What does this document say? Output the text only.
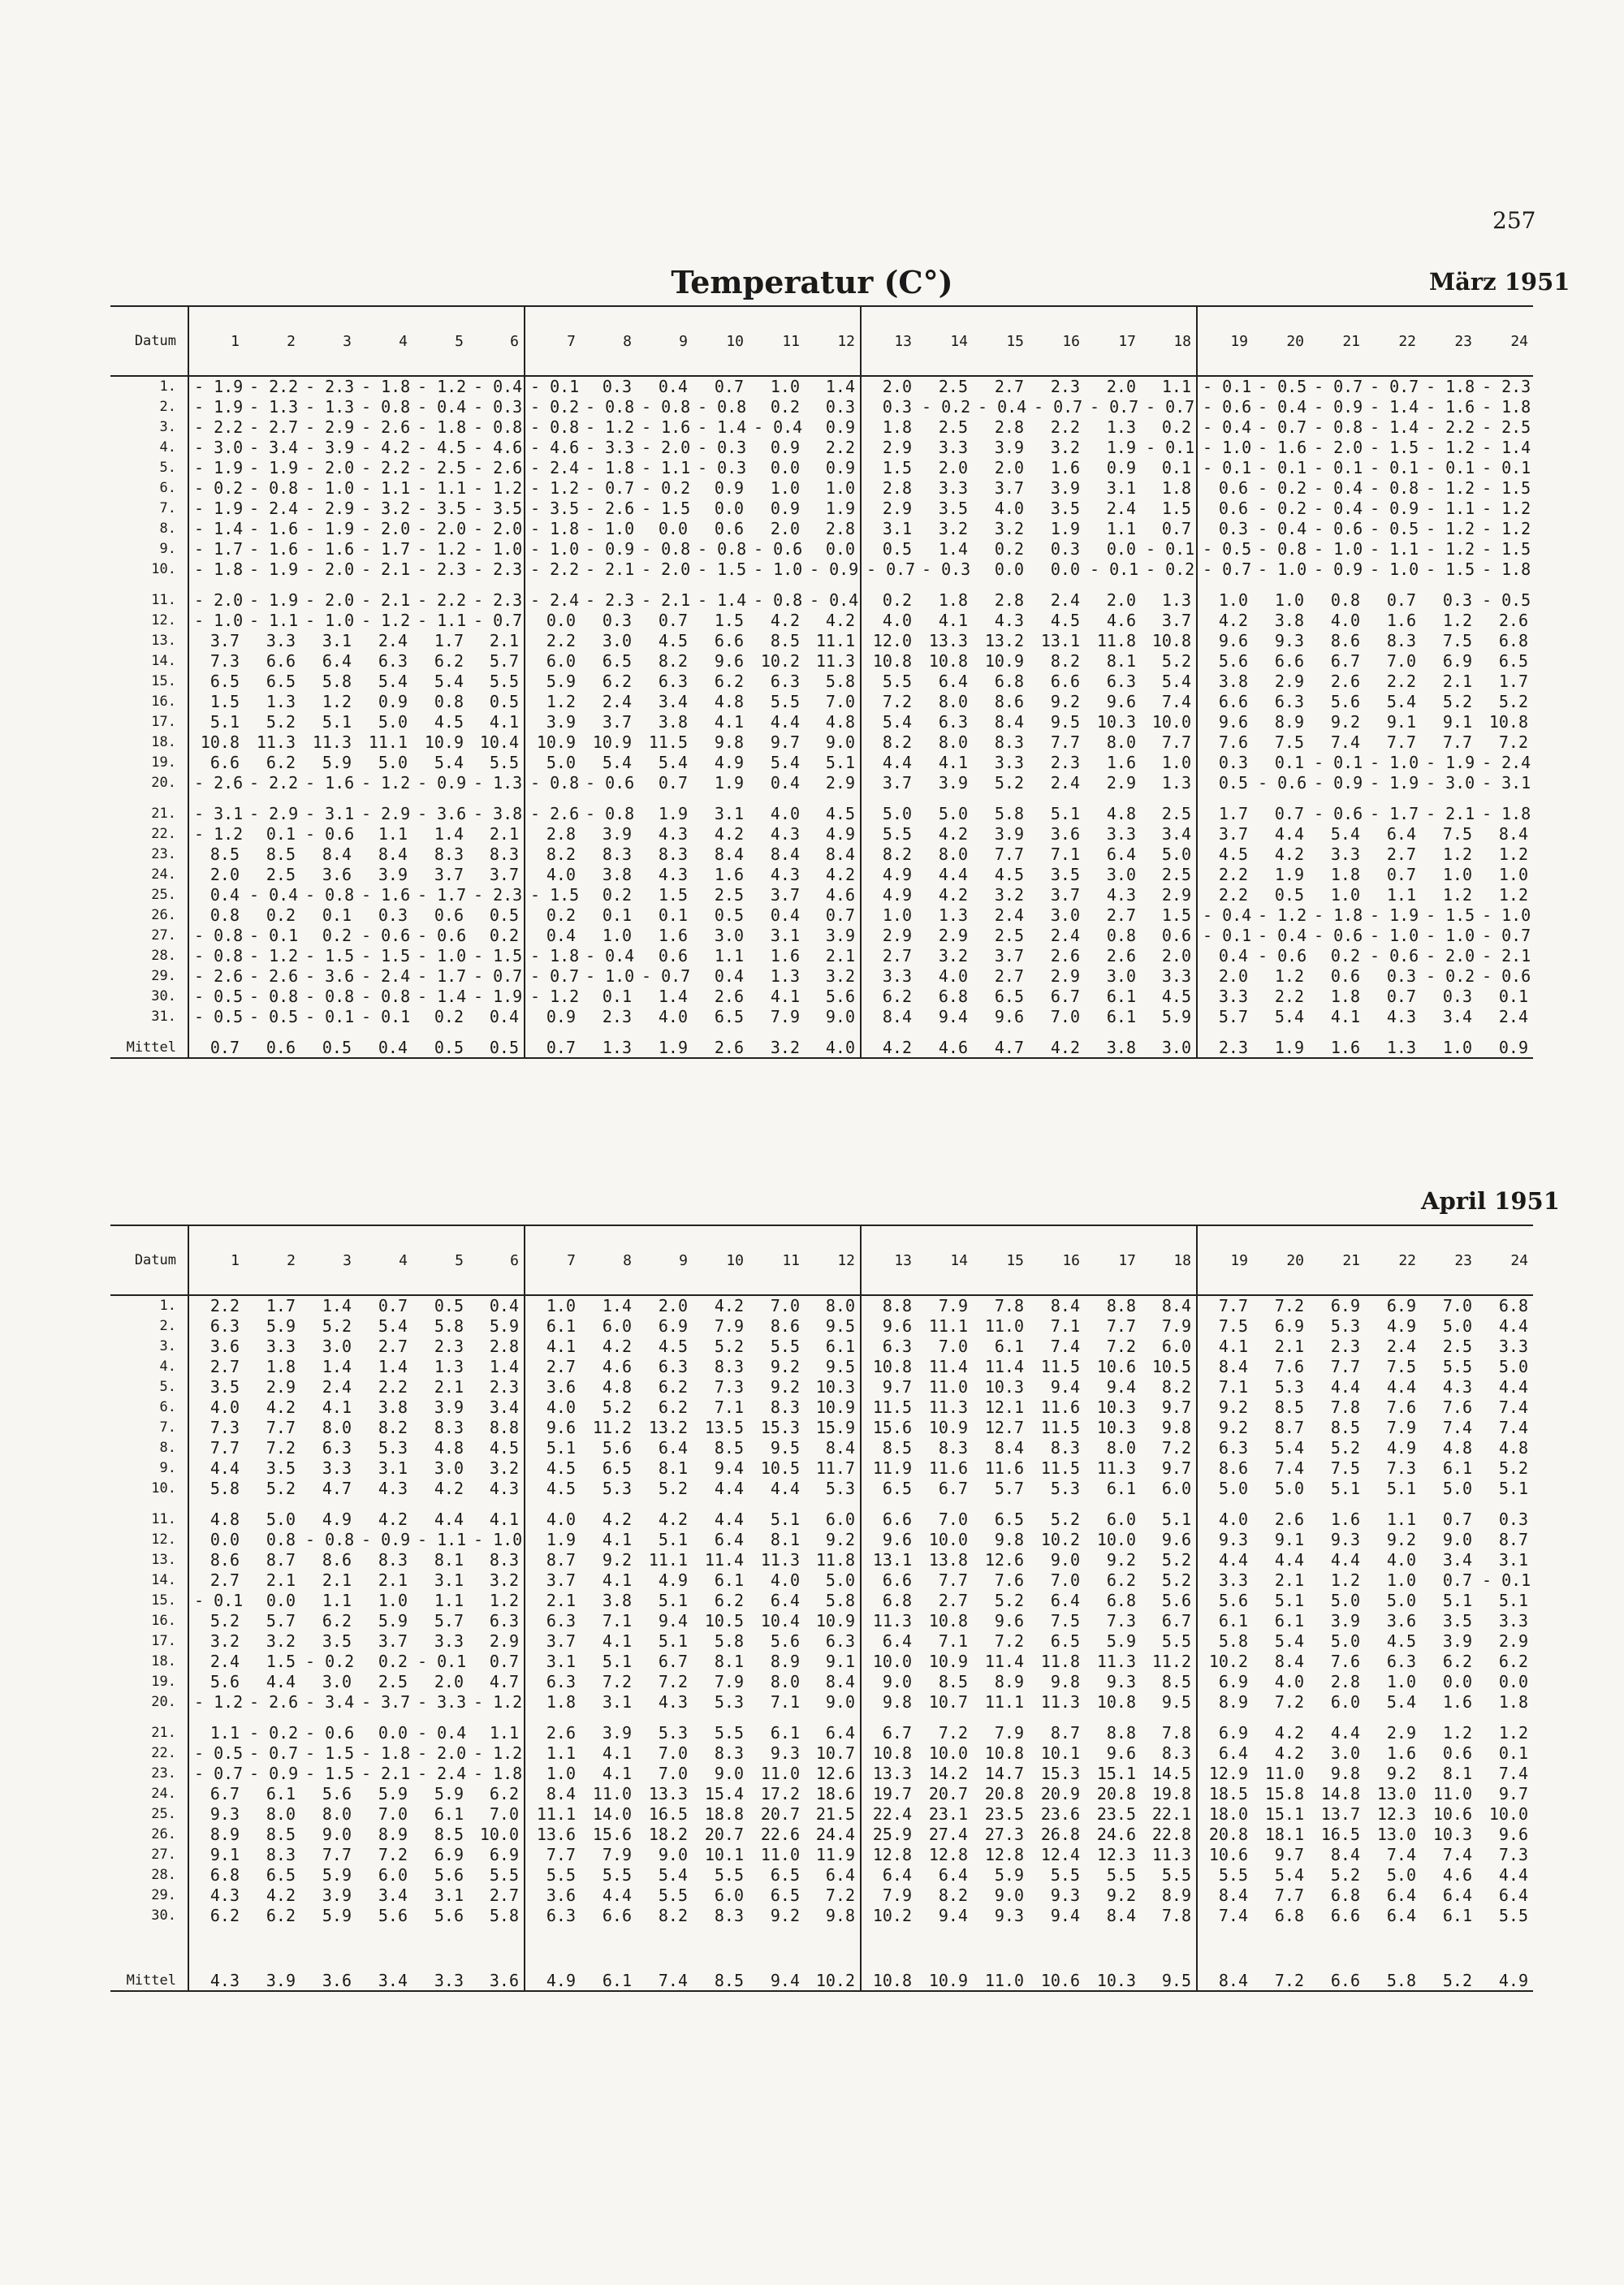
257
Temperatur (C°)	März 1951
Datum	1	2	3	4	5	6	7	8	9	10	11	12	13	14	15	16	17	18	19	20	21	22	23	24
1.	- 1.9	- 2.2	- 2.3	- 1.8	- 1.2	- 0.4	- 0.1	0.3	0.4	0.7	1.0	1.4	2.0	2.5	2.7	2.3	2.0	1.1	- 0.1	- 0.5	- 0.7	- 0.7	- 1.8	- 2.3
2.	- 1.9	- 1.3	- 1.3	- 0.8	- 0.4	- 0.3	- 0.2	- 0.8	- 0.8	- 0.8	0.2	0.3	0.3	- 0.2	- 0.4	- 0.7	- 0.7	- 0.7	- 0.6	- 0.4	- 0.9	- 1.4	- 1.6	- 1.8
3.	- 2.2	- 2.7	- 2.9	- 2.6	- 1.8	- 0.8	- 0.8	- 1.2	- 1.6	- 1.4	- 0.4	0.9	1.8	2.5	2.8	2.2	1.3	0.2	- 0.4	- 0.7	- 0.8	- 1.4	- 2.2	- 2.5
4.	- 3.0	- 3.4	- 3.9	- 4.2	- 4.5	- 4.6	- 4.6	- 3.3	- 2.0	- 0.3	0.9	2.2	2.9	3.3	3.9	3.2	1.9	- 0.1	- 1.0	- 1.6	- 2.0	- 1.5	- 1.2	- 1.4
5.	- 1.9	- 1.9	- 2.0	- 2.2	- 2.5	- 2.6	- 2.4	- 1.8	- 1.1	- 0.3	0.0	0.9	1.5	2.0	2.0	1.6	0.9	0.1	- 0.1	- 0.1	- 0.1	- 0.1	- 0.1	- 0.1
6.	- 0.2	- 0.8	- 1.0	- 1.1	- 1.1	- 1.2	- 1.2	- 0.7	- 0.2	0.9	1.0	1.0	2.8	3.3	3.7	3.9	3.1	1.8	0.6	- 0.2	- 0.4	- 0.8	- 1.2	- 1.5
7.	- 1.9	- 2.4	- 2.9	- 3.2	- 3.5	- 3.5	- 3.5	- 2.6	- 1.5	0.0	0.9	1.9	2.9	3.5	4.0	3.5	2.4	1.5	0.6	- 0.2	- 0.4	- 0.9	- 1.1	- 1.2
8.	- 1.4	- 1.6	- 1.9	- 2.0	- 2.0	- 2.0	- 1.8	- 1.0	0.0	0.6	2.0	2.8	3.1	3.2	3.2	1.9	1.1	0.7	0.3	- 0.4	- 0.6	- 0.5	- 1.2	- 1.2
9.	- 1.7	- 1.6	- 1.6	- 1.7	- 1.2	- 1.0	- 1.0	- 0.9	- 0.8	- 0.8	- 0.6	0.0	0.5	1.4	0.2	0.3	0.0	- 0.1	- 0.5	- 0.8	- 1.0	- 1.1	- 1.2	- 1.5
10.	- 1.8	- 1.9	- 2.0	- 2.1	- 2.3	- 2.3	- 2.2	- 2.1	- 2.0	- 1.5	- 1.0	- 0.9	- 0.7	- 0.3	0.0	0.0	- 0.1	- 0.2	- 0.7	- 1.0	- 0.9	- 1.0	- 1.5	- 1.8
11.	- 2.0	- 1.9	- 2.0	- 2.1	- 2.2	- 2.3	- 2.4	- 2.3	- 2.1	- 1.4	- 0.8	- 0.4	0.2	1.8	2.8	2.4	2.0	1.3	1.0	1.0	0.8	0.7	0.3	- 0.5
12.	- 1.0	- 1.1	- 1.0	- 1.2	- 1.1	- 0.7	0.0	0.3	0.7	1.5	4.2	4.2	4.0	4.1	4.3	4.5	4.6	3.7	4.2	3.8	4.0	1.6	1.2	2.6
13.	3.7	3.3	3.1	2.4	1.7	2.1	2.2	3.0	4.5	6.6	8.5	11.1	12.0	13.3	13.2	13.1	11.8	10.8	9.6	9.3	8.6	8.3	7.5	6.8
14.	7.3	6.6	6.4	6.3	6.2	5.7	6.0	6.5	8.2	9.6	10.2	11.3	10.8	10.8	10.9	8.2	8.1	5.2	5.6	6.6	6.7	7.0	6.9	6.5
15.	6.5	6.5	5.8	5.4	5.4	5.5	5.9	6.2	6.3	6.2	6.3	5.8	5.5	6.4	6.8	6.6	6.3	5.4	3.8	2.9	2.6	2.2	2.1	1.7
16.	1.5	1.3	1.2	0.9	0.8	0.5	1.2	2.4	3.4	4.8	5.5	7.0	7.2	8.0	8.6	9.2	9.6	7.4	6.6	6.3	5.6	5.4	5.2	5.2
17.	5.1	5.2	5.1	5.0	4.5	4.1	3.9	3.7	3.8	4.1	4.4	4.8	5.4	6.3	8.4	9.5	10.3	10.0	9.6	8.9	9.2	9.1	9.1	10.8
18.	10.8	11.3	11.3	11.1	10.9	10.4	10.9	10.9	11.5	9.8	9.7	9.0	8.2	8.0	8.3	7.7	8.0	7.7	7.6	7.5	7.4	7.7	7.7	7.2
19.	6.6	6.2	5.9	5.0	5.4	5.5	5.0	5.4	5.4	4.9	5.4	5.1	4.4	4.1	3.3	2.3	1.6	1.0	0.3	0.1	- 0.1	- 1.0	- 1.9	- 2.4
20.	- 2.6	- 2.2	- 1.6	- 1.2	- 0.9	- 1.3	- 0.8	- 0.6	0.7	1.9	0.4	2.9	3.7	3.9	5.2	2.4	2.9	1.3	0.5	- 0.6	- 0.9	- 1.9	- 3.0	- 3.1
21.	- 3.1	- 2.9	- 3.1	- 2.9	- 3.6	- 3.8	- 2.6	- 0.8	1.9	3.1	4.0	4.5	5.0	5.0	5.8	5.1	4.8	2.5	1.7	0.7	- 0.6	- 1.7	- 2.1	- 1.8
22.	- 1.2	0.1	- 0.6	1.1	1.4	2.1	2.8	3.9	4.3	4.2	4.3	4.9	5.5	4.2	3.9	3.6	3.3	3.4	3.7	4.4	5.4	6.4	7.5	8.4
23.	8.5	8.5	8.4	8.4	8.3	8.3	8.2	8.3	8.3	8.4	8.4	8.4	8.2	8.0	7.7	7.1	6.4	5.0	4.5	4.2	3.3	2.7	1.2	1.2
24.	2.0	2.5	3.6	3.9	3.7	3.7	4.0	3.8	4.3	1.6	4.3	4.2	4.9	4.4	4.5	3.5	3.0	2.5	2.2	1.9	1.8	0.7	1.0	1.0
25.	0.4	- 0.4	- 0.8	- 1.6	- 1.7	- 2.3	- 1.5	0.2	1.5	2.5	3.7	4.6	4.9	4.2	3.2	3.7	4.3	2.9	2.2	0.5	1.0	1.1	1.2	1.2
26.	0.8	0.2	0.1	0.3	0.6	0.5	0.2	0.1	0.1	0.5	0.4	0.7	1.0	1.3	2.4	3.0	2.7	1.5	- 0.4	- 1.2	- 1.8	- 1.9	- 1.5	- 1.0
27.	- 0.8	- 0.1	0.2	- 0.6	- 0.6	0.2	0.4	1.0	1.6	3.0	3.1	3.9	2.9	2.9	2.5	2.4	0.8	0.6	- 0.1	- 0.4	- 0.6	- 1.0	- 1.0	- 0.7
28.	- 0.8	- 1.2	- 1.5	- 1.5	- 1.0	- 1.5	- 1.8	- 0.4	0.6	1.1	1.6	2.1	2.7	3.2	3.7	2.6	2.6	2.0	0.4	- 0.6	0.2	- 0.6	- 2.0	- 2.1
29.	- 2.6	- 2.6	- 3.6	- 2.4	- 1.7	- 0.7	- 0.7	- 1.0	- 0.7	0.4	1.3	3.2	3.3	4.0	2.7	2.9	3.0	3.3	2.0	1.2	0.6	0.3	- 0.2	- 0.6
30.	- 0.5	- 0.8	- 0.8	- 0.8	- 1.4	- 1.9	- 1.2	0.1	1.4	2.6	4.1	5.6	6.2	6.8	6.5	6.7	6.1	4.5	3.3	2.2	1.8	0.7	0.3	0.1
31.	- 0.5	- 0.5	- 0.1	- 0.1	0.2	0.4	0.9	2.3	4.0	6.5	7.9	9.0	8.4	9.4	9.6	7.0	6.1	5.9	5.7	5.4	4.1	4.3	3.4	2.4
Mittel	0.7	0.6	0.5	0.4	0.5	0.5	0.7	1.3	1.9	2.6	3.2	4.0	4.2	4.6	4.7	4.2	3.8	3.0	2.3	1.9	1.6	1.3	1.0	0.9
April 1951
Datum	1	2	3	4	5	6	7	8	9	10	11	12	13	14	15	16	17	18	19	20	21	22	23	24
1.	2.2	1.7	1.4	0.7	0.5	0.4	1.0	1.4	2.0	4.2	7.0	8.0	8.8	7.9	7.8	8.4	8.8	8.4	7.7	7.2	6.9	6.9	7.0	6.8
2.	6.3	5.9	5.2	5.4	5.8	5.9	6.1	6.0	6.9	7.9	8.6	9.5	9.6	11.1	11.0	7.1	7.7	7.9	7.5	6.9	5.3	4.9	5.0	4.4
3.	3.6	3.3	3.0	2.7	2.3	2.8	4.1	4.2	4.5	5.2	5.5	6.1	6.3	7.0	6.1	7.4	7.2	6.0	4.1	2.1	2.3	2.4	2.5	3.3
4.	2.7	1.8	1.4	1.4	1.3	1.4	2.7	4.6	6.3	8.3	9.2	9.5	10.8	11.4	11.4	11.5	10.6	10.5	8.4	7.6	7.7	7.5	5.5	5.0
5.	3.5	2.9	2.4	2.2	2.1	2.3	3.6	4.8	6.2	7.3	9.2	10.3	9.7	11.0	10.3	9.4	9.4	8.2	7.1	5.3	4.4	4.4	4.3	4.4
6.	4.0	4.2	4.1	3.8	3.9	3.4	4.0	5.2	6.2	7.1	8.3	10.9	11.5	11.3	12.1	11.6	10.3	9.7	9.2	8.5	7.8	7.6	7.6	7.4
7.	7.3	7.7	8.0	8.2	8.3	8.8	9.6	11.2	13.2	13.5	15.3	15.9	15.6	10.9	12.7	11.5	10.3	9.8	9.2	8.7	8.5	7.9	7.4	7.4
8.	7.7	7.2	6.3	5.3	4.8	4.5	5.1	5.6	6.4	8.5	9.5	8.4	8.5	8.3	8.4	8.3	8.0	7.2	6.3	5.4	5.2	4.9	4.8	4.8
9.	4.4	3.5	3.3	3.1	3.0	3.2	4.5	6.5	8.1	9.4	10.5	11.7	11.9	11.6	11.6	11.5	11.3	9.7	8.6	7.4	7.5	7.3	6.1	5.2
10.	5.8	5.2	4.7	4.3	4.2	4.3	4.5	5.3	5.2	4.4	4.4	5.3	6.5	6.7	5.7	5.3	6.1	6.0	5.0	5.0	5.1	5.1	5.0	5.1
11.	4.8	5.0	4.9	4.2	4.4	4.1	4.0	4.2	4.2	4.4	5.1	6.0	6.6	7.0	6.5	5.2	6.0	5.1	4.0	2.6	1.6	1.1	0.7	0.3
12.	0.0	0.8	- 0.8	- 0.9	- 1.1	- 1.0	1.9	4.1	5.1	6.4	8.1	9.2	9.6	10.0	9.8	10.2	10.0	9.6	9.3	9.1	9.3	9.2	9.0	8.7
13.	8.6	8.7	8.6	8.3	8.1	8.3	8.7	9.2	11.1	11.4	11.3	11.8	13.1	13.8	12.6	9.0	9.2	5.2	4.4	4.4	4.4	4.0	3.4	3.1
14.	2.7	2.1	2.1	2.1	3.1	3.2	3.7	4.1	4.9	6.1	4.0	5.0	6.6	7.7	7.6	7.0	6.2	5.2	3.3	2.1	1.2	1.0	0.7	- 0.1
15.	- 0.1	0.0	1.1	1.0	1.1	1.2	2.1	3.8	5.1	6.2	6.4	5.8	6.8	2.7	5.2	6.4	6.8	5.6	5.6	5.1	5.0	5.0	5.1	5.1
16.	5.2	5.7	6.2	5.9	5.7	6.3	6.3	7.1	9.4	10.5	10.4	10.9	11.3	10.8	9.6	7.5	7.3	6.7	6.1	6.1	3.9	3.6	3.5	3.3
17.	3.2	3.2	3.5	3.7	3.3	2.9	3.7	4.1	5.1	5.8	5.6	6.3	6.4	7.1	7.2	6.5	5.9	5.5	5.8	5.4	5.0	4.5	3.9	2.9
18.	2.4	1.5	- 0.2	0.2	- 0.1	0.7	3.1	5.1	6.7	8.1	8.9	9.1	10.0	10.9	11.4	11.8	11.3	11.2	10.2	8.4	7.6	6.3	6.2	6.2
19.	5.6	4.4	3.0	2.5	2.0	4.7	6.3	7.2	7.2	7.9	8.0	8.4	9.0	8.5	8.9	9.8	9.3	8.5	6.9	4.0	2.8	1.0	0.0	0.0
20.	- 1.2	- 2.6	- 3.4	- 3.7	- 3.3	- 1.2	1.8	3.1	4.3	5.3	7.1	9.0	9.8	10.7	11.1	11.3	10.8	9.5	8.9	7.2	6.0	5.4	1.6	1.8
21.	1.1	- 0.2	- 0.6	0.0	- 0.4	1.1	2.6	3.9	5.3	5.5	6.1	6.4	6.7	7.2	7.9	8.7	8.8	7.8	6.9	4.2	4.4	2.9	1.2	1.2
22.	- 0.5	- 0.7	- 1.5	- 1.8	- 2.0	- 1.2	1.1	4.1	7.0	8.3	9.3	10.7	10.8	10.0	10.8	10.1	9.6	8.3	6.4	4.2	3.0	1.6	0.6	0.1
23.	- 0.7	- 0.9	- 1.5	- 2.1	- 2.4	- 1.8	1.0	4.1	7.0	9.0	11.0	12.6	13.3	14.2	14.7	15.3	15.1	14.5	12.9	11.0	9.8	9.2	8.1	7.4
24.	6.7	6.1	5.6	5.9	5.9	6.2	8.4	11.0	13.3	15.4	17.2	18.6	19.7	20.7	20.8	20.9	20.8	19.8	18.5	15.8	14.8	13.0	11.0	9.7
25.	9.3	8.0	8.0	7.0	6.1	7.0	11.1	14.0	16.5	18.8	20.7	21.5	22.4	23.1	23.5	23.6	23.5	22.1	18.0	15.1	13.7	12.3	10.6	10.0
26.	8.9	8.5	9.0	8.9	8.5	10.0	13.6	15.6	18.2	20.7	22.6	24.4	25.9	27.4	27.3	26.8	24.6	22.8	20.8	18.1	16.5	13.0	10.3	9.6
27.	9.1	8.3	7.7	7.2	6.9	6.9	7.7	7.9	9.0	10.1	11.0	11.9	12.8	12.8	12.8	12.4	12.3	11.3	10.6	9.7	8.4	7.4	7.4	7.3
28.	6.8	6.5	5.9	6.0	5.6	5.5	5.5	5.5	5.4	5.5	6.5	6.4	6.4	6.4	5.9	5.5	5.5	5.5	5.5	5.4	5.2	5.0	4.6	4.4
29.	4.3	4.2	3.9	3.4	3.1	2.7	3.6	4.4	5.5	6.0	6.5	7.2	7.9	8.2	9.0	9.3	9.2	8.9	8.4	7.7	6.8	6.4	6.4	6.4
30.	6.2	6.2	5.9	5.6	5.6	5.8	6.3	6.6	8.2	8.3	9.2	9.8	10.2	9.4	9.3	9.4	8.4	7.8	7.4	6.8	6.6	6.4	6.1	5.5
Mittel	4.3	3.9	3.6	3.4	3.3	3.6	4.9	6.1	7.4	8.5	9.4	10.2	10.8	10.9	11.0	10.6	10.3	9.5	8.4	7.2	6.6	5.8	5.2	4.9
